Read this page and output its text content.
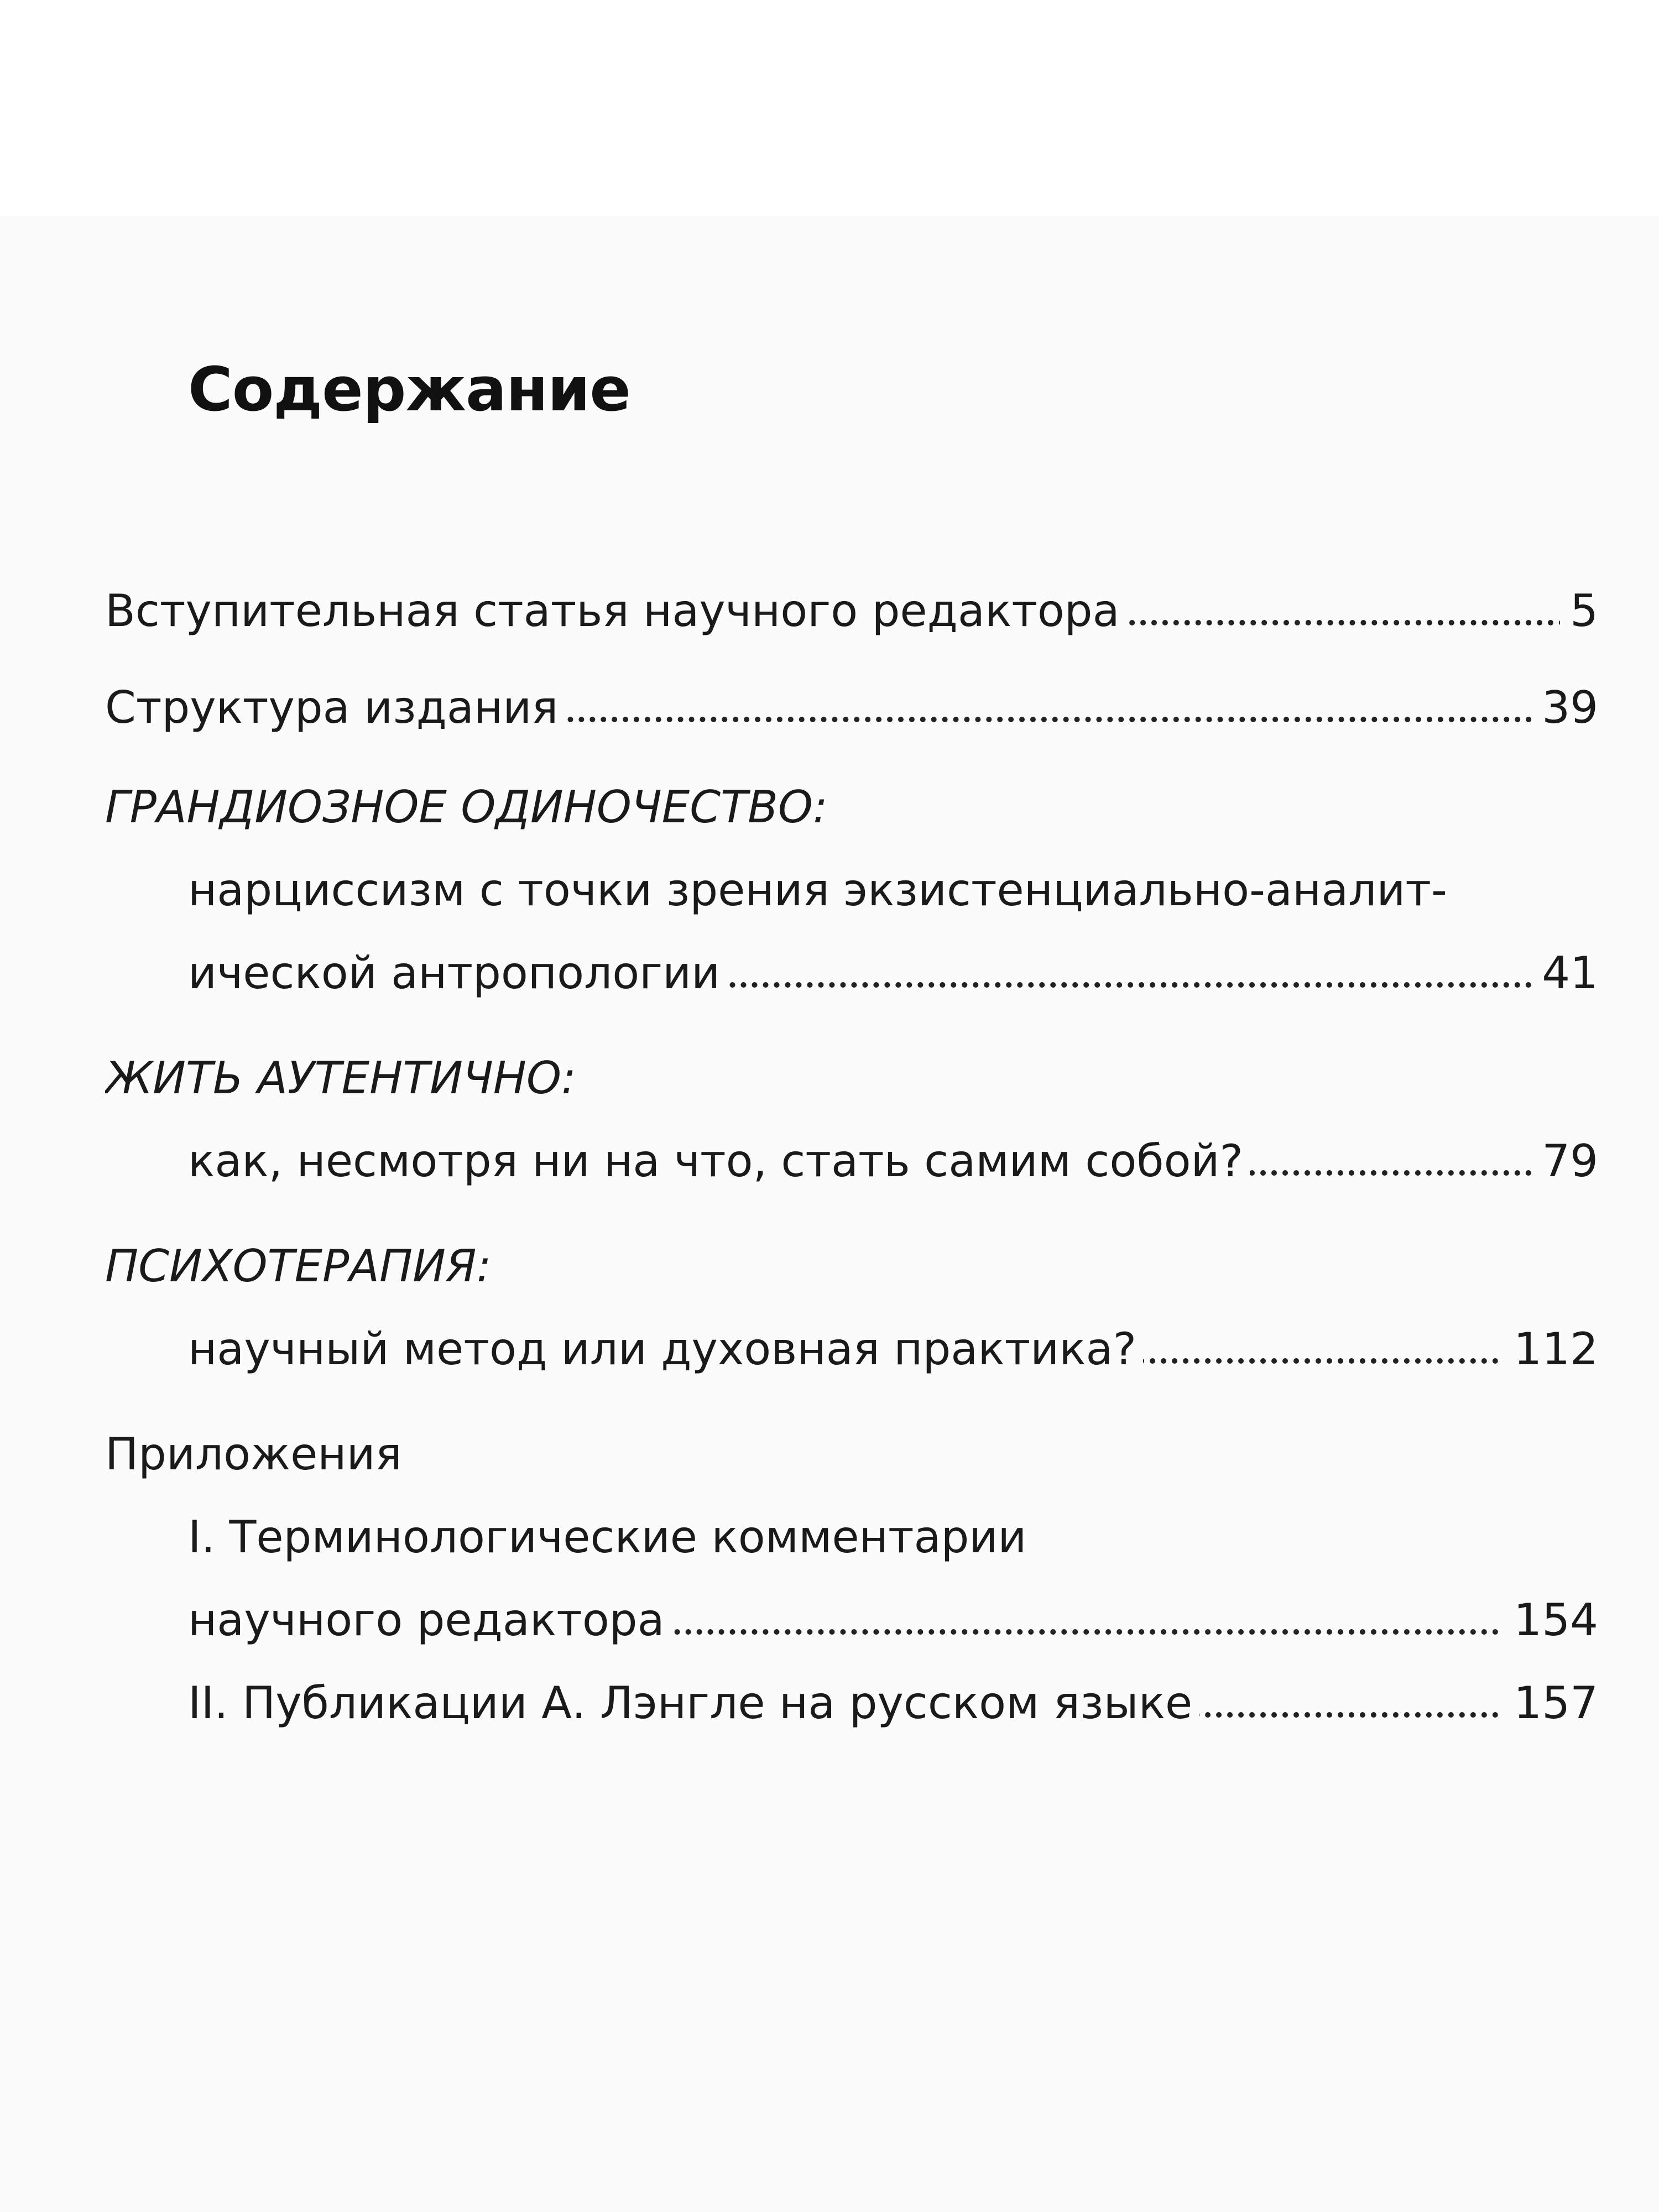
Содержание
Вступительная статья научного редактора	5
Структура издания	39
ГРАНДИОЗНОЕ ОДИНОЧЕСТВО:
нарциссизм с точки зрения экзистенциально-аналит-
ической антропологии	41
ЖИТЬ АУТЕНТИЧНО:
как, несмотря ни на что, стать самим собой?	79
ПСИХОТЕРАПИЯ:
научный метод или духовная практика?	112
Приложения
I. Терминологические комментарии
научного редактора	154
II. Публикации А. Лэнгле на русском языке	157
